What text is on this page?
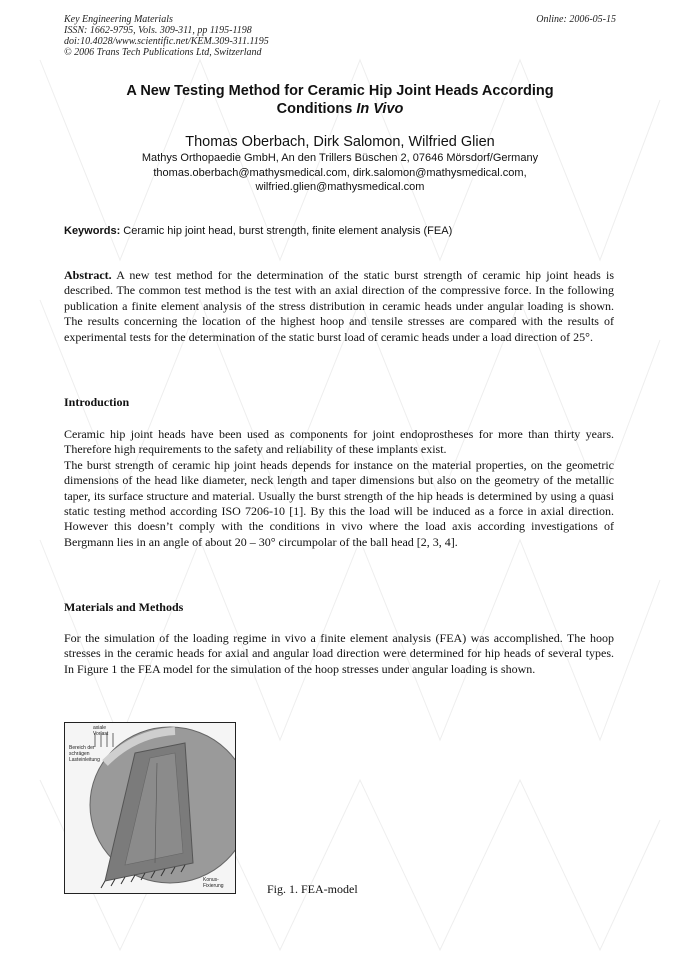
Key Engineering Materials
ISSN: 1662-9795, Vols. 309-311, pp 1195-1198
doi:10.4028/www.scientific.net/KEM.309-311.1195
© 2006 Trans Tech Publications Ltd, Switzerland
Online: 2006-05-15
A New Testing Method for Ceramic Hip Joint Heads According
Conditions In Vivo
Thomas Oberbach, Dirk Salomon, Wilfried Glien
Mathys Orthopaedie GmbH, An den Trillers Büschen 2, 07646 Mörsdorf/Germany
thomas.oberbach@mathysmedical.com, dirk.salomon@mathysmedical.com,
wilfried.glien@mathysmedical.com
Keywords: Ceramic hip joint head, burst strength, finite element analysis (FEA)
Abstract. A new test method for the determination of the static burst strength of ceramic hip joint heads is described. The common test method is the test with an axial direction of the compressive force. In the following publication a finite element analysis of the stress distribution in ceramic heads under angular loading is shown. The results concerning the location of the highest hoop and tensile stresses are compared with the results of experimental tests for the determination of the static burst load of ceramic heads under a load direction of 25°.
Introduction
Ceramic hip joint heads have been used as components for joint endoprostheses for more than thirty years. Therefore high requirements to the safety and reliability of these implants exist.
The burst strength of ceramic hip joint heads depends for instance on the material properties, on the geometric dimensions of the head like diameter, neck length and taper dimensions but also on the geometry of the metallic taper, its surface structure and material. Usually the burst strength of the hip heads is determined by using a quasi static testing method according ISO 7206-10 [1]. By this the load will be induced as a force in axial direction. However this doesn’t comply with the conditions in vivo where the load axis according investigations of Bergmann lies in an angle of about 20 – 30° circumpolar of the ball head [2, 3, 4].
Materials and Methods
For the simulation of the loading regime in vivo a finite element analysis (FEA) was accomplished. The hoop stresses in the ceramic heads for axial and angular load direction were determined for hip heads of several types. In Figure 1 the FEA model for the simulation of the hoop stresses under angular loading is shown.
axiale
Vorlast
Bereich der
schrägen
Lasteinleitung
Konus-
Fixierung	Fig. 1. FEA-model
